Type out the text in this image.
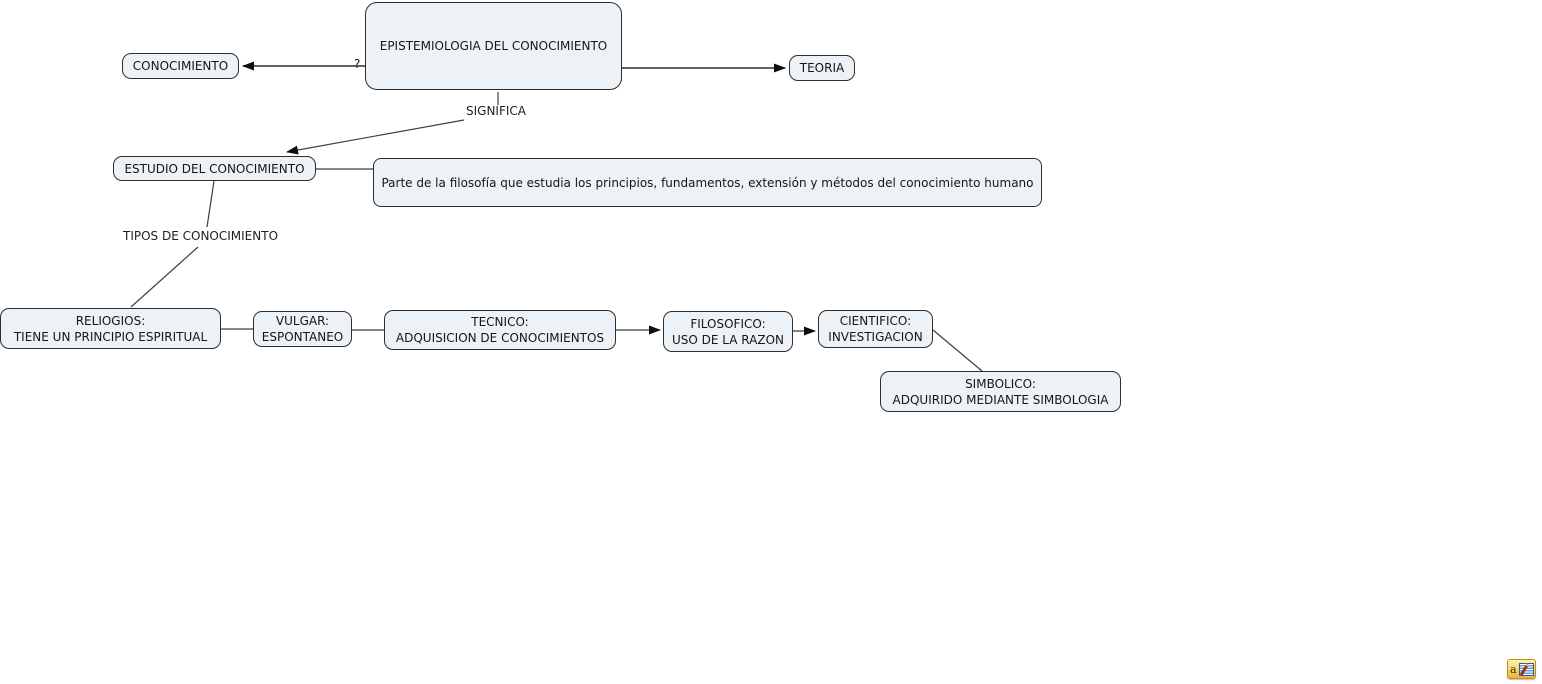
EPISTEMIOLOGIA DEL CONOCIMIENTO
CONOCIMIENTO	TEORIA
ESTUDIO DEL CONOCIMIENTO
Parte de la filosofía que estudia los principios, fundamentos, extensión y métodos del conocimiento humano
RELIOGIOS:
TIENE UN PRINCIPIO ESPIRITUAL
VULGAR:
ESPONTANEO
TECNICO:
ADQUISICION DE CONOCIMIENTOS
FILOSOFICO:
USO DE LA RAZON
CIENTIFICO:
INVESTIGACION
SIMBOLICO:
ADQUIRIDO MEDIANTE SIMBOLOGIA
?
SIGNIFICA
TIPOS DE CONOCIMIENTO
a
